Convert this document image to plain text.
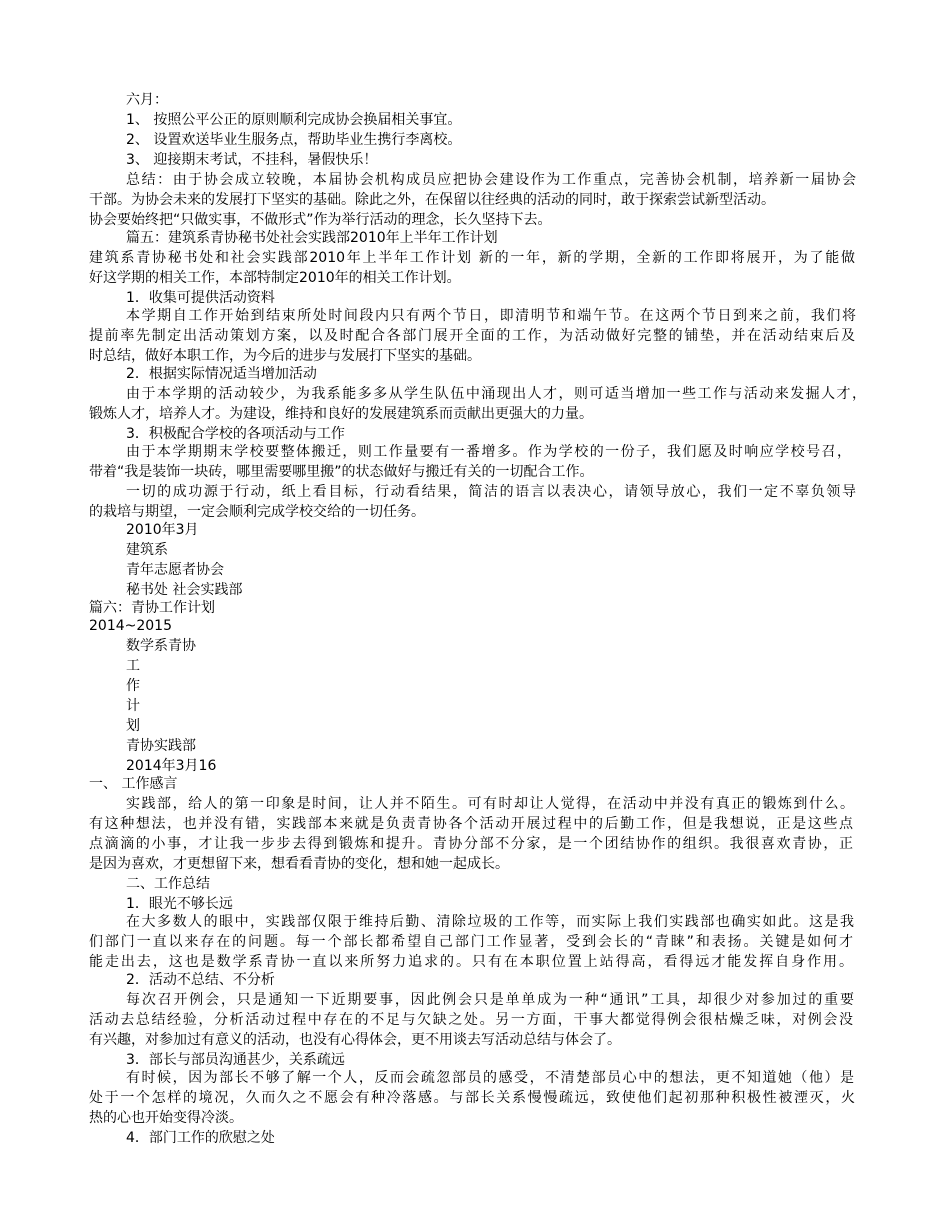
六月：
1、 按照公平公正的原则顺利完成协会换届相关事宜。
2、 设置欢送毕业生服务点，帮助毕业生携行李离校。
3、 迎接期末考试，不挂科，暑假快乐！
总结：由于协会成立较晚，本届协会机构成员应把协会建设作为工作重点，完善协会机制，培养新一届协会
干部。为协会未来的发展打下坚实的基础。除此之外，在保留以往经典的活动的同时，敢于探索尝试新型活动。
协会要始终把“只做实事，不做形式”作为举行活动的理念，长久坚持下去。
篇五：建筑系青协秘书处社会实践部2010年上半年工作计划
建筑系青协秘书处和社会实践部2010年上半年工作计划 新的一年，新的学期，全新的工作即将展开，为了能做
好这学期的相关工作，本部特制定2010年的相关工作计划。
1．收集可提供活动资料
本学期自工作开始到结束所处时间段内只有两个节日，即清明节和端午节。在这两个节日到来之前，我们将
提前率先制定出活动策划方案，以及时配合各部门展开全面的工作，为活动做好完整的铺垫，并在活动结束后及
时总结，做好本职工作，为今后的进步与发展打下坚实的基础。
2．根据实际情况适当增加活动
由于本学期的活动较少，为我系能多多从学生队伍中涌现出人才，则可适当增加一些工作与活动来发掘人才，
锻炼人才，培养人才。为建设，维持和良好的发展建筑系而贡献出更强大的力量。
3．积极配合学校的各项活动与工作
由于本学期期末学校要整体搬迁，则工作量要有一番增多。作为学校的一份子，我们愿及时响应学校号召，
带着“我是装饰一块砖，哪里需要哪里搬”的状态做好与搬迁有关的一切配合工作。
一切的成功源于行动，纸上看目标，行动看结果，简洁的语言以表决心，请领导放心，我们一定不辜负领导
的栽培与期望，一定会顺利完成学校交给的一切任务。
2010年3月
建筑系
青年志愿者协会
秘书处 社会实践部
篇六：青协工作计划
2014~2015
数学系青协
工
作
计
划
青协实践部
2014年3月16
一、 工作感言
实践部，给人的第一印象是时间，让人并不陌生。可有时却让人觉得，在活动中并没有真正的锻炼到什么。
有这种想法，也并没有错，实践部本来就是负责青协各个活动开展过程中的后勤工作，但是我想说，正是这些点
点滴滴的小事，才让我一步步去得到锻炼和提升。青协分部不分家，是一个团结协作的组织。我很喜欢青协，正
是因为喜欢，才更想留下来，想看看青协的变化，想和她一起成长。
二、工作总结
1．眼光不够长远
在大多数人的眼中，实践部仅限于维持后勤、清除垃圾的工作等，而实际上我们实践部也确实如此。这是我
们部门一直以来存在的问题。每一个部长都希望自己部门工作显著，受到会长的“青睐”和表扬。关键是如何才
能走出去，这也是数学系青协一直以来所努力追求的。只有在本职位置上站得高，看得远才能发挥自身作用。
2．活动不总结、不分析
每次召开例会，只是通知一下近期要事，因此例会只是单单成为一种“通讯”工具，却很少对参加过的重要
活动去总结经验，分析活动过程中存在的不足与欠缺之处。另一方面，干事大都觉得例会很枯燥乏味，对例会没
有兴趣，对参加过有意义的活动，也没有心得体会，更不用谈去写活动总结与体会了。
3．部长与部员沟通甚少，关系疏远
有时候，因为部长不够了解一个人，反而会疏忽部员的感受，不清楚部员心中的想法，更不知道她（他）是
处于一个怎样的境况，久而久之不愿会有种冷落感。与部长关系慢慢疏远，致使他们起初那种积极性被湮灭，火
热的心也开始变得冷淡。
4．部门工作的欣慰之处
